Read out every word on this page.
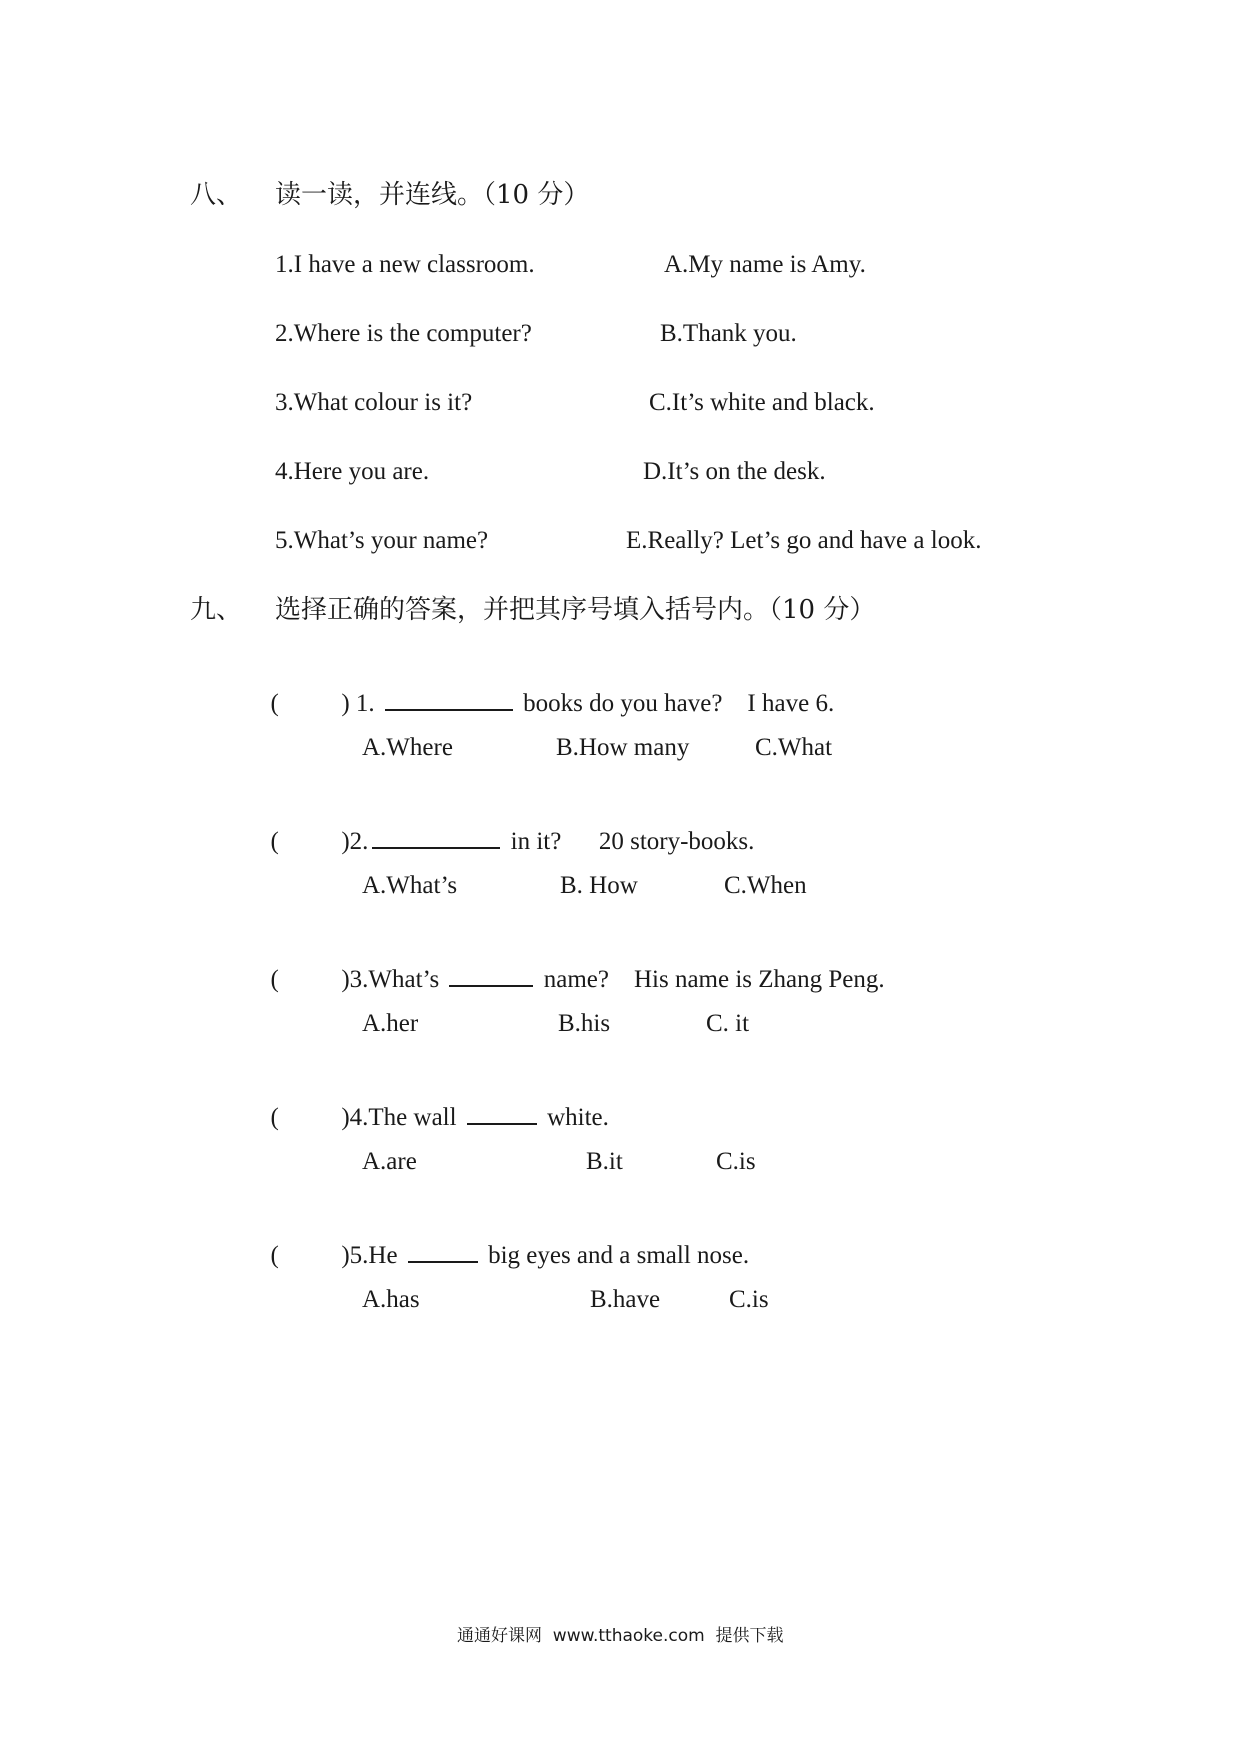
八、 读一读，并连线。（10 分）
1.I have a new classroom.	A.My name is Amy.
2.Where is the computer?	B.Thank you.
3.What colour is it?	C.It’s white and black.
4.Here you are.	D.It’s on the desk.
5.What’s your name?	E.Really? Let’s go and have a look.
九、 选择正确的答案，并把其序号填入括号内。（10 分）

(          ) 1.	books do you have?    I have 6.

A.Where	B.How many	C.What

(          )2.	in it?      20 story-books.

A.What’s	B. How	C.When

(          )3.What’s	name?    His name is Zhang Peng.

A.her	B.his	C. it

(          )4.The wall	white.

A.are	B.it	C.is

(          )5.He	big eyes and a small nose.

A.has	B.have	C.is
通通好课网  www.tthaoke.com  提供下载
